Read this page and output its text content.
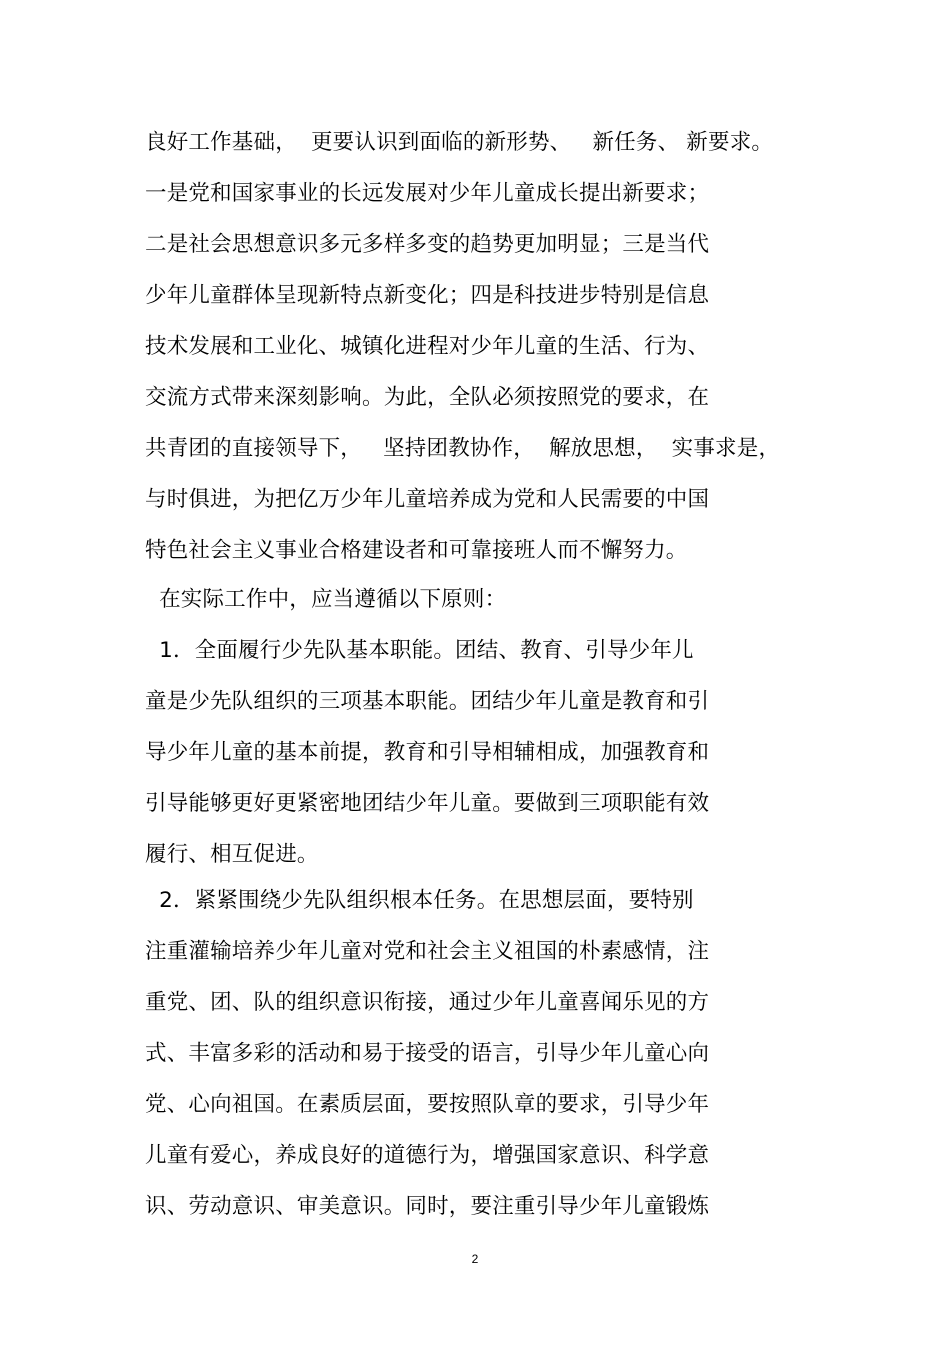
良好工作基础，  更要认识到面临的新形势、   新任务、 新要求。
一是党和国家事业的长远发展对少年儿童成长提出新要求；
二是社会思想意识多元多样多变的趋势更加明显；三是当代
少年儿童群体呈现新特点新变化；四是科技进步特别是信息
技术发展和工业化、城镇化进程对少年儿童的生活、行为、
交流方式带来深刻影响。为此，全队必须按照党的要求，在
共青团的直接领导下，   坚持团教协作，  解放思想，  实事求是，
与时俱进，为把亿万少年儿童培养成为党和人民需要的中国
特色社会主义事业合格建设者和可靠接班人而不懈努力。
在实际工作中，应当遵循以下原则：
1．全面履行少先队基本职能。团结、教育、引导少年儿
童是少先队组织的三项基本职能。团结少年儿童是教育和引
导少年儿童的基本前提，教育和引导相辅相成，加强教育和
引导能够更好更紧密地团结少年儿童。要做到三项职能有效
履行、相互促进。
2．紧紧围绕少先队组织根本任务。在思想层面，要特别
注重灌输培养少年儿童对党和社会主义祖国的朴素感情，注
重党、团、队的组织意识衔接，通过少年儿童喜闻乐见的方
式、丰富多彩的活动和易于接受的语言，引导少年儿童心向
党、心向祖国。在素质层面，要按照队章的要求，引导少年
儿童有爱心，养成良好的道德行为，增强国家意识、科学意
识、劳动意识、审美意识。同时，要注重引导少年儿童锻炼
2
